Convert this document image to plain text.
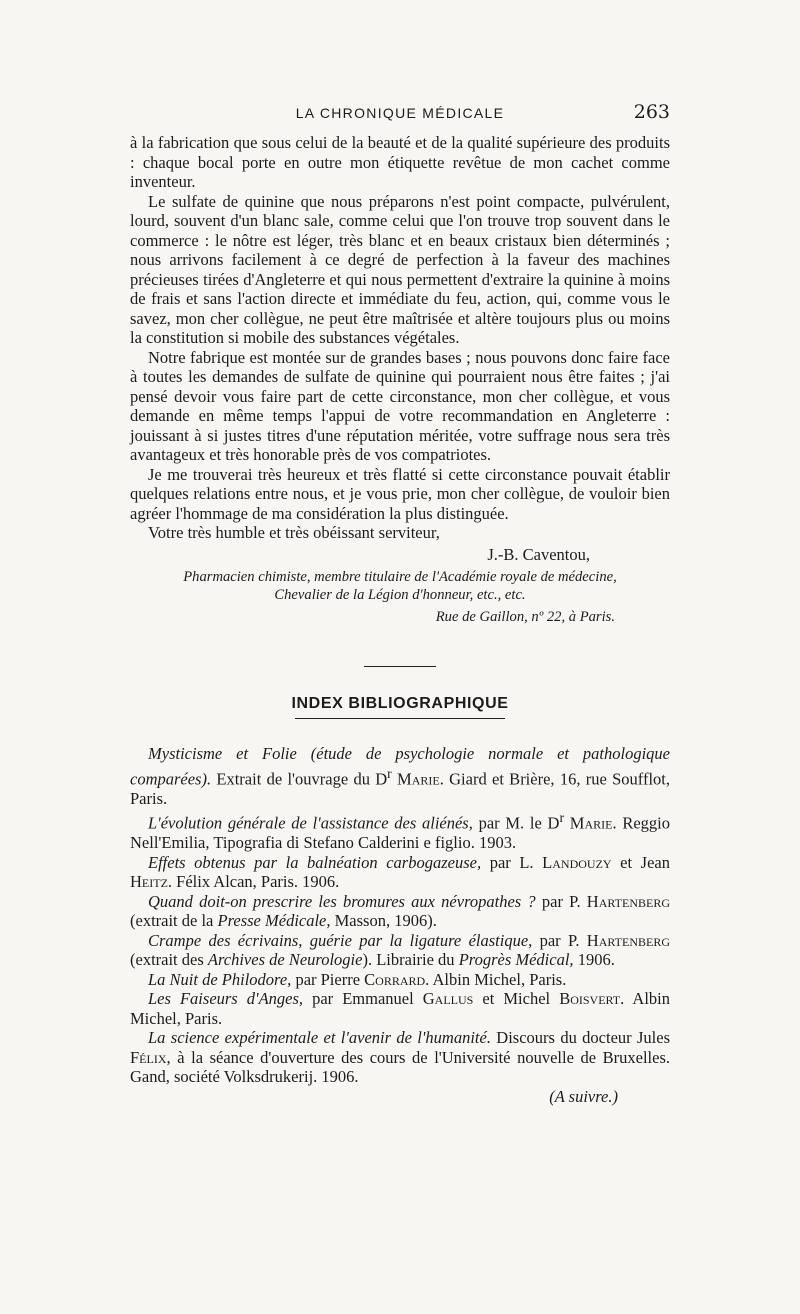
LA CHRONIQUE MÉDICALE	263

à la fabrication que sous celui de la beauté et de la qualité supérieure des produits : chaque bocal porte en outre mon étiquette revêtue de mon cachet comme inventeur.

Le sulfate de quinine que nous préparons n'est point compacte, pulvérulent, lourd, souvent d'un blanc sale, comme celui que l'on trouve trop souvent dans le commerce : le nôtre est léger, très blanc et en beaux cristaux bien déterminés ; nous arrivons facilement à ce degré de perfection à la faveur des machines précieuses tirées d'Angleterre et qui nous permettent d'extraire la quinine à moins de frais et sans l'action directe et immédiate du feu, action, qui, comme vous le savez, mon cher collègue, ne peut être maîtrisée et altère toujours plus ou moins la constitution si mobile des substances végétales.

Notre fabrique est montée sur de grandes bases ; nous pouvons donc faire face à toutes les demandes de sulfate de quinine qui pourraient nous être faites ; j'ai pensé devoir vous faire part de cette circonstance, mon cher collègue, et vous demande en même temps l'appui de votre recommandation en Angleterre : jouissant à si justes titres d'une réputation méritée, votre suffrage nous sera très avantageux et très honorable près de vos compatriotes.

Je me trouverai très heureux et très flatté si cette circonstance pouvait établir quelques relations entre nous, et je vous prie, mon cher collègue, de vouloir bien agréer l'hommage de ma considération la plus distinguée.

Votre très humble et très obéissant serviteur,

J.-B. Caventou,
Pharmacien chimiste, membre titulaire de l'Académie royale de médecine,
Chevalier de la Légion d'honneur, etc., etc.
Rue de Gaillon, nº 22, à Paris.
INDEX BIBLIOGRAPHIQUE

Mysticisme et Folie (étude de psychologie normale et pathologique comparées). Extrait de l'ouvrage du $D^r$ Marie. Giard et Brière, 16, rue Soufflot, Paris.

L'évolution générale de l'assistance des aliénés, par M. le $D^r$ Marie. Reggio Nell'Emilia, Tipografia di Stefano Calderini e figlio. 1903.

Effets obtenus par la balnéation carbogazeuse, par L. Landouzy et Jean Heitz. Félix Alcan, Paris. 1906.

Quand doit-on prescrire les bromures aux névropathes ? par P. Hartenberg (extrait de la Presse Médicale, Masson, 1906).

Crampe des écrivains, guérie par la ligature élastique, par P. Hartenberg (extrait des Archives de Neurologie). Librairie du Progrès Médical, 1906.

La Nuit de Philodore, par Pierre Corrard. Albin Michel, Paris.

Les Faiseurs d'Anges, par Emmanuel Gallus et Michel Boisvert. Albin Michel, Paris.

La science expérimentale et l'avenir de l'humanité. Discours du docteur Jules Félix, à la séance d'ouverture des cours de l'Université nouvelle de Bruxelles. Gand, société Volksdrukerij. 1906.

(A suivre.)
